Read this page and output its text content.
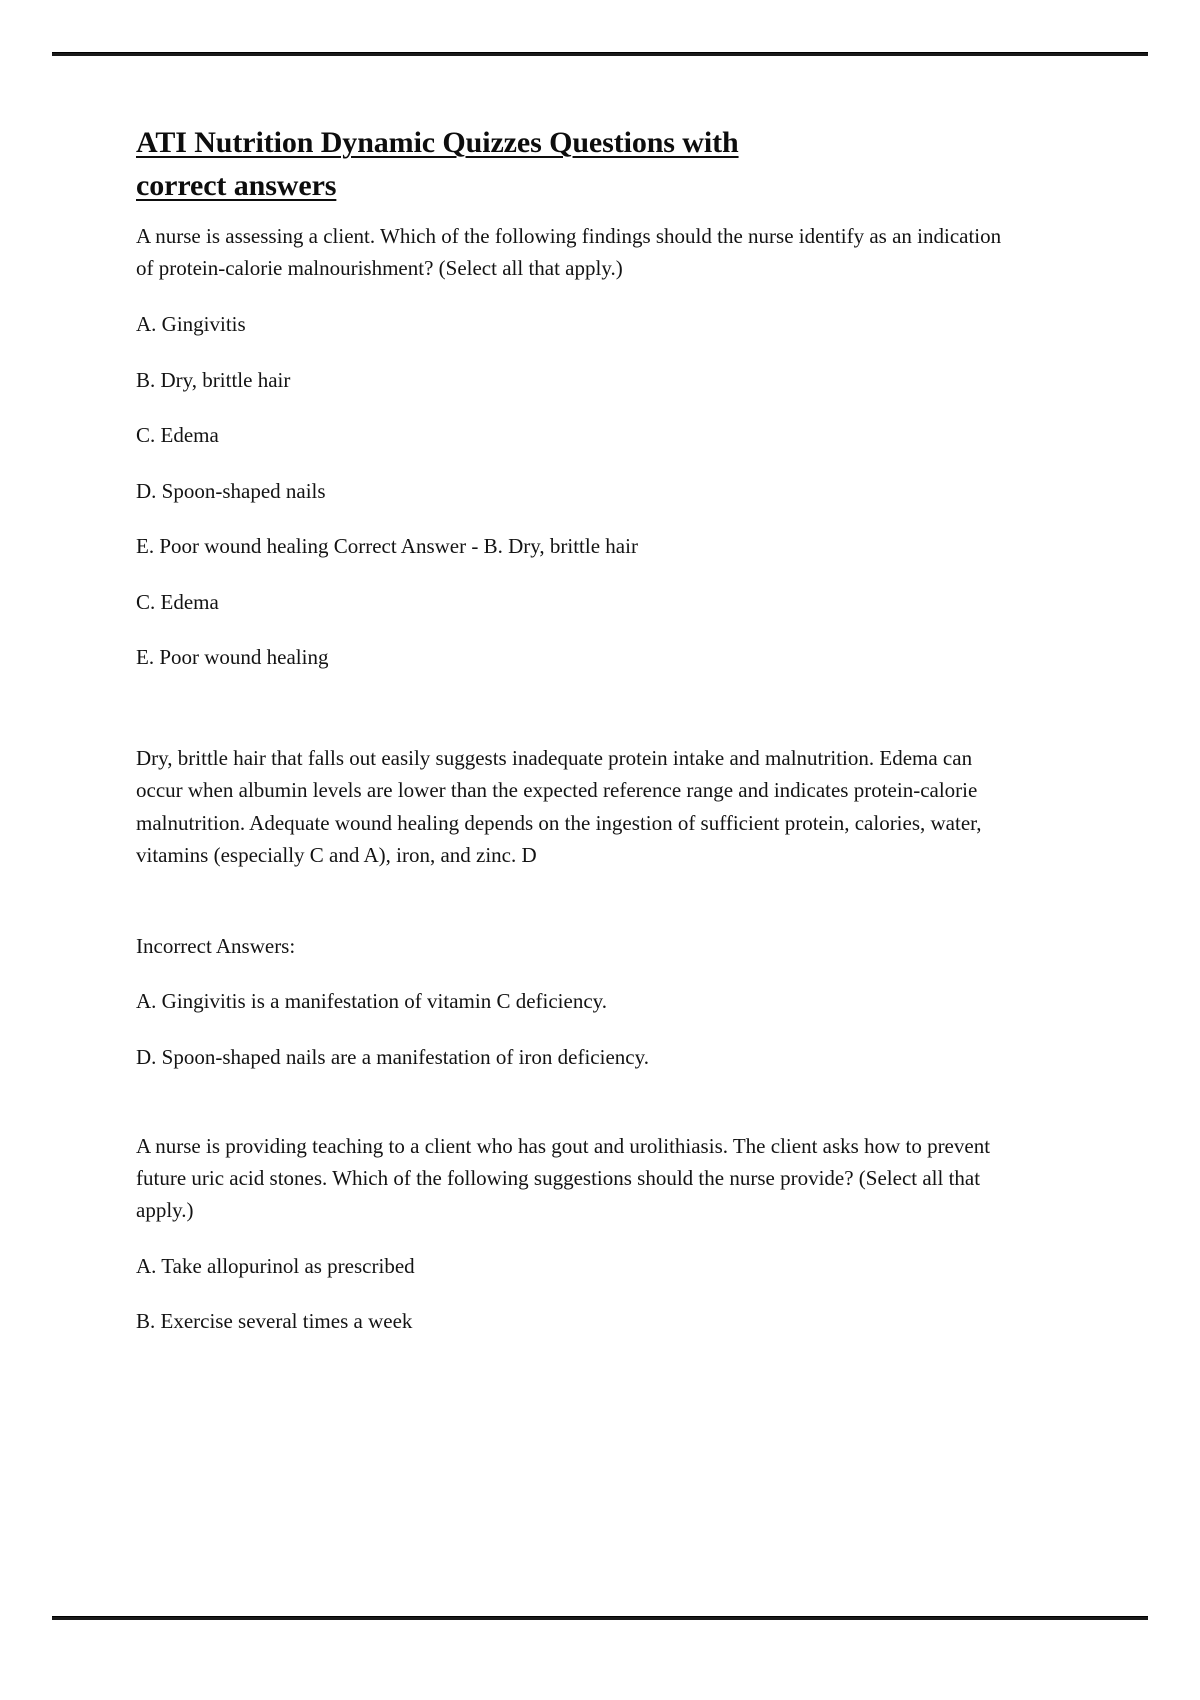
ATI Nutrition Dynamic Quizzes Questions with
correct answers

A nurse is assessing a client. Which of the following findings should the nurse identify as an indication of protein-calorie malnourishment? (Select all that apply.)

A. Gingivitis

B. Dry, brittle hair

C. Edema

D. Spoon-shaped nails

E. Poor wound healing Correct Answer - B. Dry, brittle hair

C. Edema

E. Poor wound healing

Dry, brittle hair that falls out easily suggests inadequate protein intake and malnutrition. Edema can occur when albumin levels are lower than the expected reference range and indicates protein-calorie malnutrition. Adequate wound healing depends on the ingestion of sufficient protein, calories, water, vitamins (especially C and A), iron, and zinc. D

Incorrect Answers:

A. Gingivitis is a manifestation of vitamin C deficiency.

D. Spoon-shaped nails are a manifestation of iron deficiency.

A nurse is providing teaching to a client who has gout and urolithiasis. The client asks how to prevent future uric acid stones. Which of the following suggestions should the nurse provide? (Select all that apply.)

A. Take allopurinol as prescribed

B. Exercise several times a week
